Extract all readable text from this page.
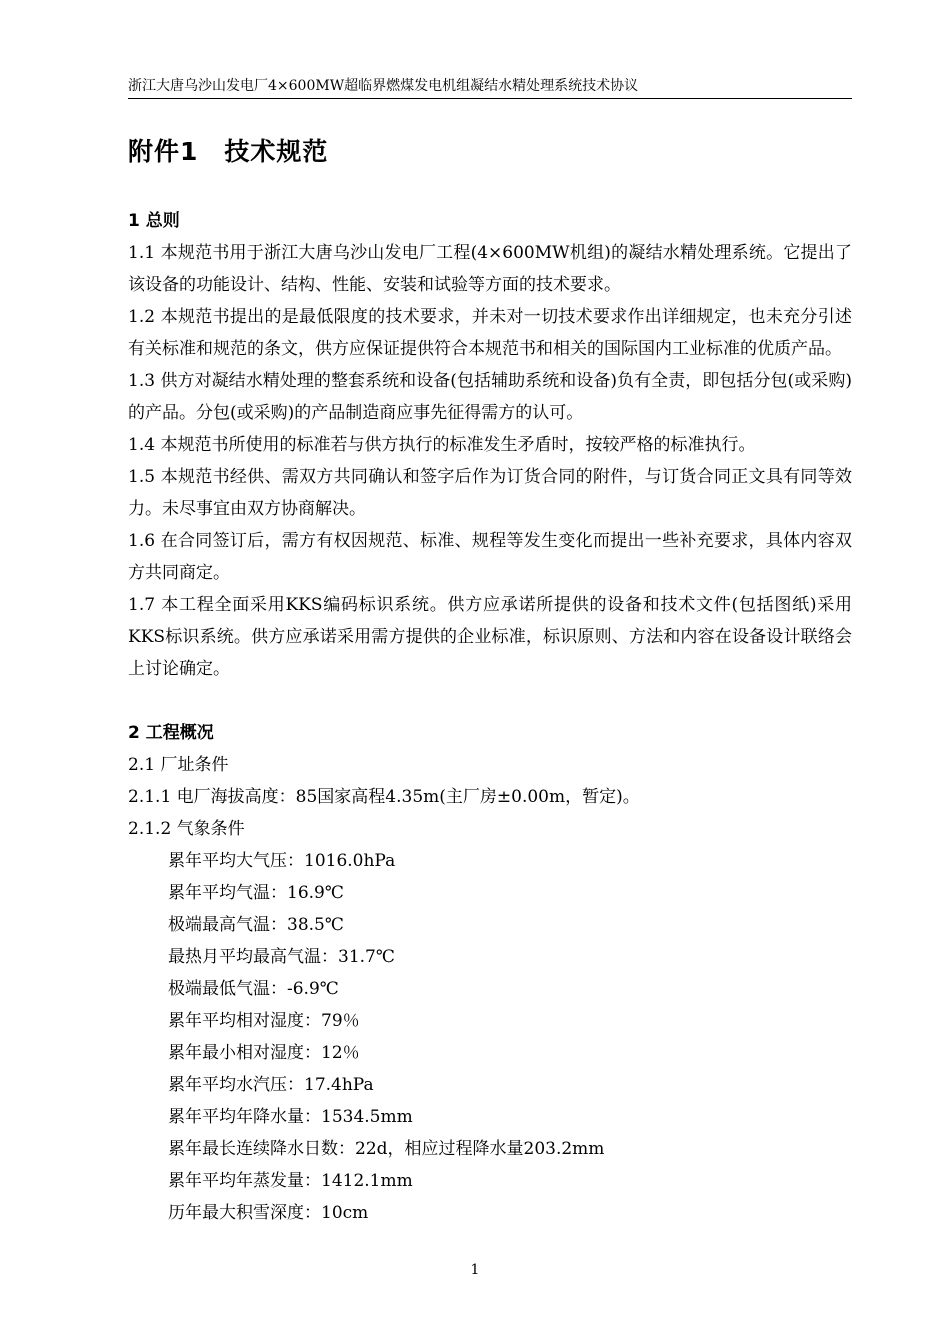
浙江大唐乌沙山发电厂4×600MW超临界燃煤发电机组凝结水精处理系统技术协议
附件1　技术规范
1 总则

1.1 本规范书用于浙江大唐乌沙山发电厂工程(4×600MW机组)的凝结水精处理系统。它提出了该设备的功能设计、结构、性能、安装和试验等方面的技术要求。

1.2 本规范书提出的是最低限度的技术要求，并未对一切技术要求作出详细规定，也未充分引述有关标准和规范的条文，供方应保证提供符合本规范书和相关的国际国内工业标准的优质产品。

1.3 供方对凝结水精处理的整套系统和设备(包括辅助系统和设备)负有全责，即包括分包(或采购)的产品。分包(或采购)的产品制造商应事先征得需方的认可。

1.4 本规范书所使用的标准若与供方执行的标准发生矛盾时，按较严格的标准执行。

1.5 本规范书经供、需双方共同确认和签字后作为订货合同的附件，与订货合同正文具有同等效力。未尽事宜由双方协商解决。

1.6 在合同签订后，需方有权因规范、标准、规程等发生变化而提出一些补充要求，具体内容双方共同商定。

1.7 本工程全面采用KKS编码标识系统。供方应承诺所提供的设备和技术文件(包括图纸)采用KKS标识系统。供方应承诺采用需方提供的企业标准，标识原则、方法和内容在设备设计联络会上讨论确定。

2 工程概况

2.1 厂址条件

2.1.1 电厂海拔高度：85国家高程4.35m(主厂房±0.00m，暂定)。

2.1.2 气象条件

累年平均大气压：1016.0hPa

累年平均气温：16.9℃

极端最高气温：38.5℃

最热月平均最高气温：31.7℃

极端最低气温：-6.9℃

累年平均相对湿度：79％

累年最小相对湿度：12％

累年平均水汽压：17.4hPa

累年平均年降水量：1534.5mm

累年最长连续降水日数：22d，相应过程降水量203.2mm

累年平均年蒸发量：1412.1mm

历年最大积雪深度：10cm

1
